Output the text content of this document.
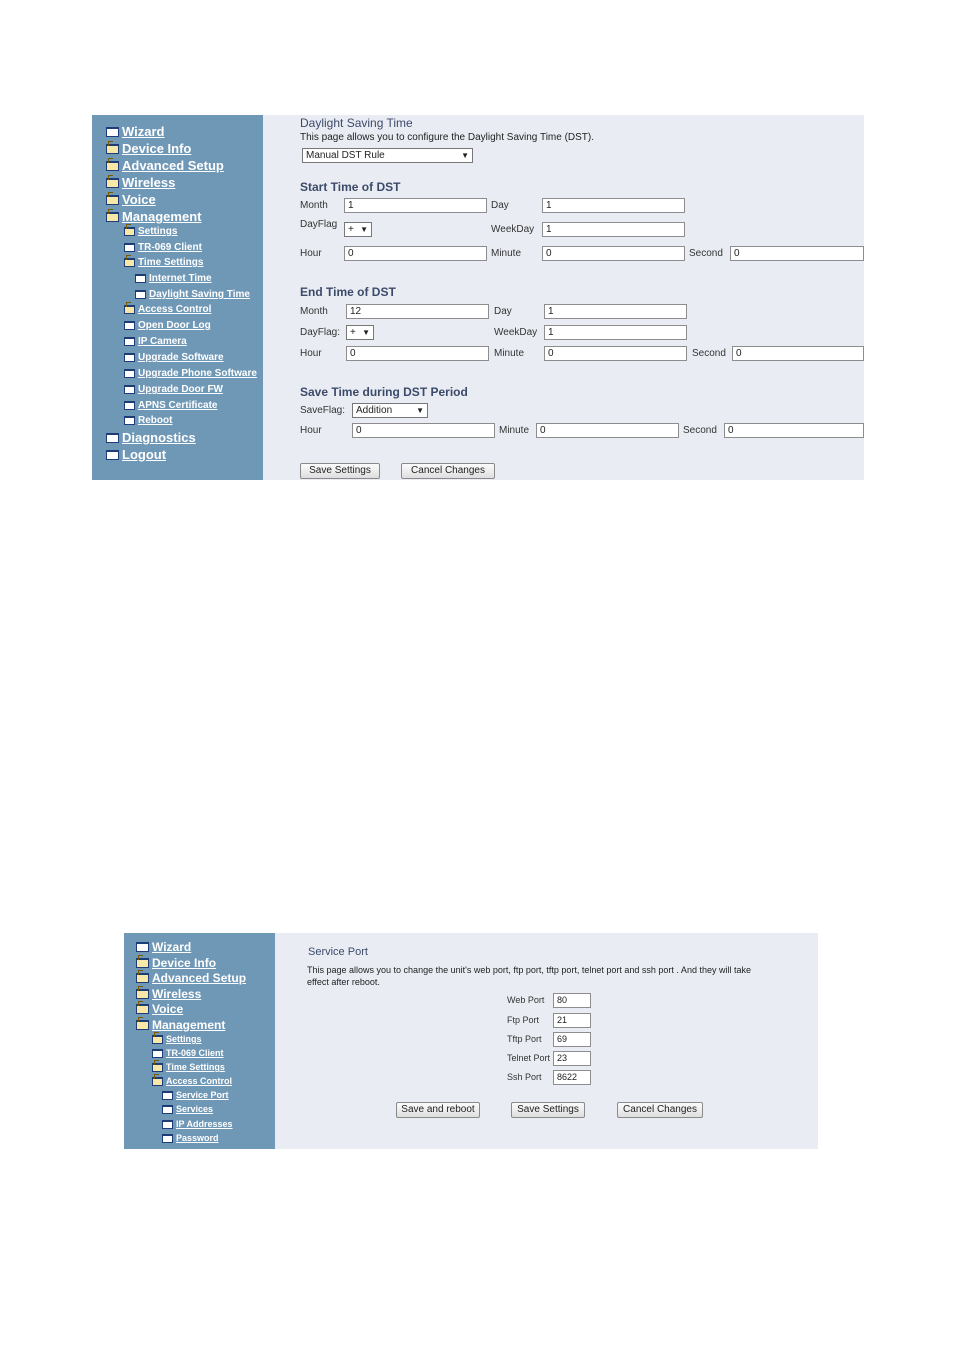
Wizard
Device Info
Advanced Setup
Wireless
Voice
Management
Settings
TR-069 Client
Time Settings
Internet Time
Daylight Saving Time
Access Control
Open Door Log
IP Camera
Upgrade Software
Upgrade Phone Software
Upgrade Door FW
APNS Certificate
Reboot
Diagnostics
Logout
Daylight Saving Time
This page allows you to configure the Daylight Saving Time (DST).
Manual DST Rule	▼
Start Time of DST
Month	1	Day	1
DayFlag	+ ▼	WeekDay	1
Hour	0	Minute	0	Second	0
End Time of DST
Month	12	Day	1
DayFlag: + ▼	WeekDay	1
Hour	0	Minute	0	Second	0
Save Time during DST Period
SaveFlag:	Addition	▼
Hour	0	Minute	0	Second	0
Save Settings	Cancel Changes
Wizard
Device Info
Advanced Setup
Wireless
Voice
Management
Settings
TR-069 Client
Time Settings
Access Control
Service Port
Services
IP Addresses
Password
Service Port
This page allows you to change the unit's web port, ftp port, tftp port, telnet port and ssh port . And they will take
effect after reboot.
Web Port	80
Ftp Port	21
Tftp Port	69
Telnet Port 23
Ssh Port	8622
Save and reboot	Save Settings	Cancel Changes
